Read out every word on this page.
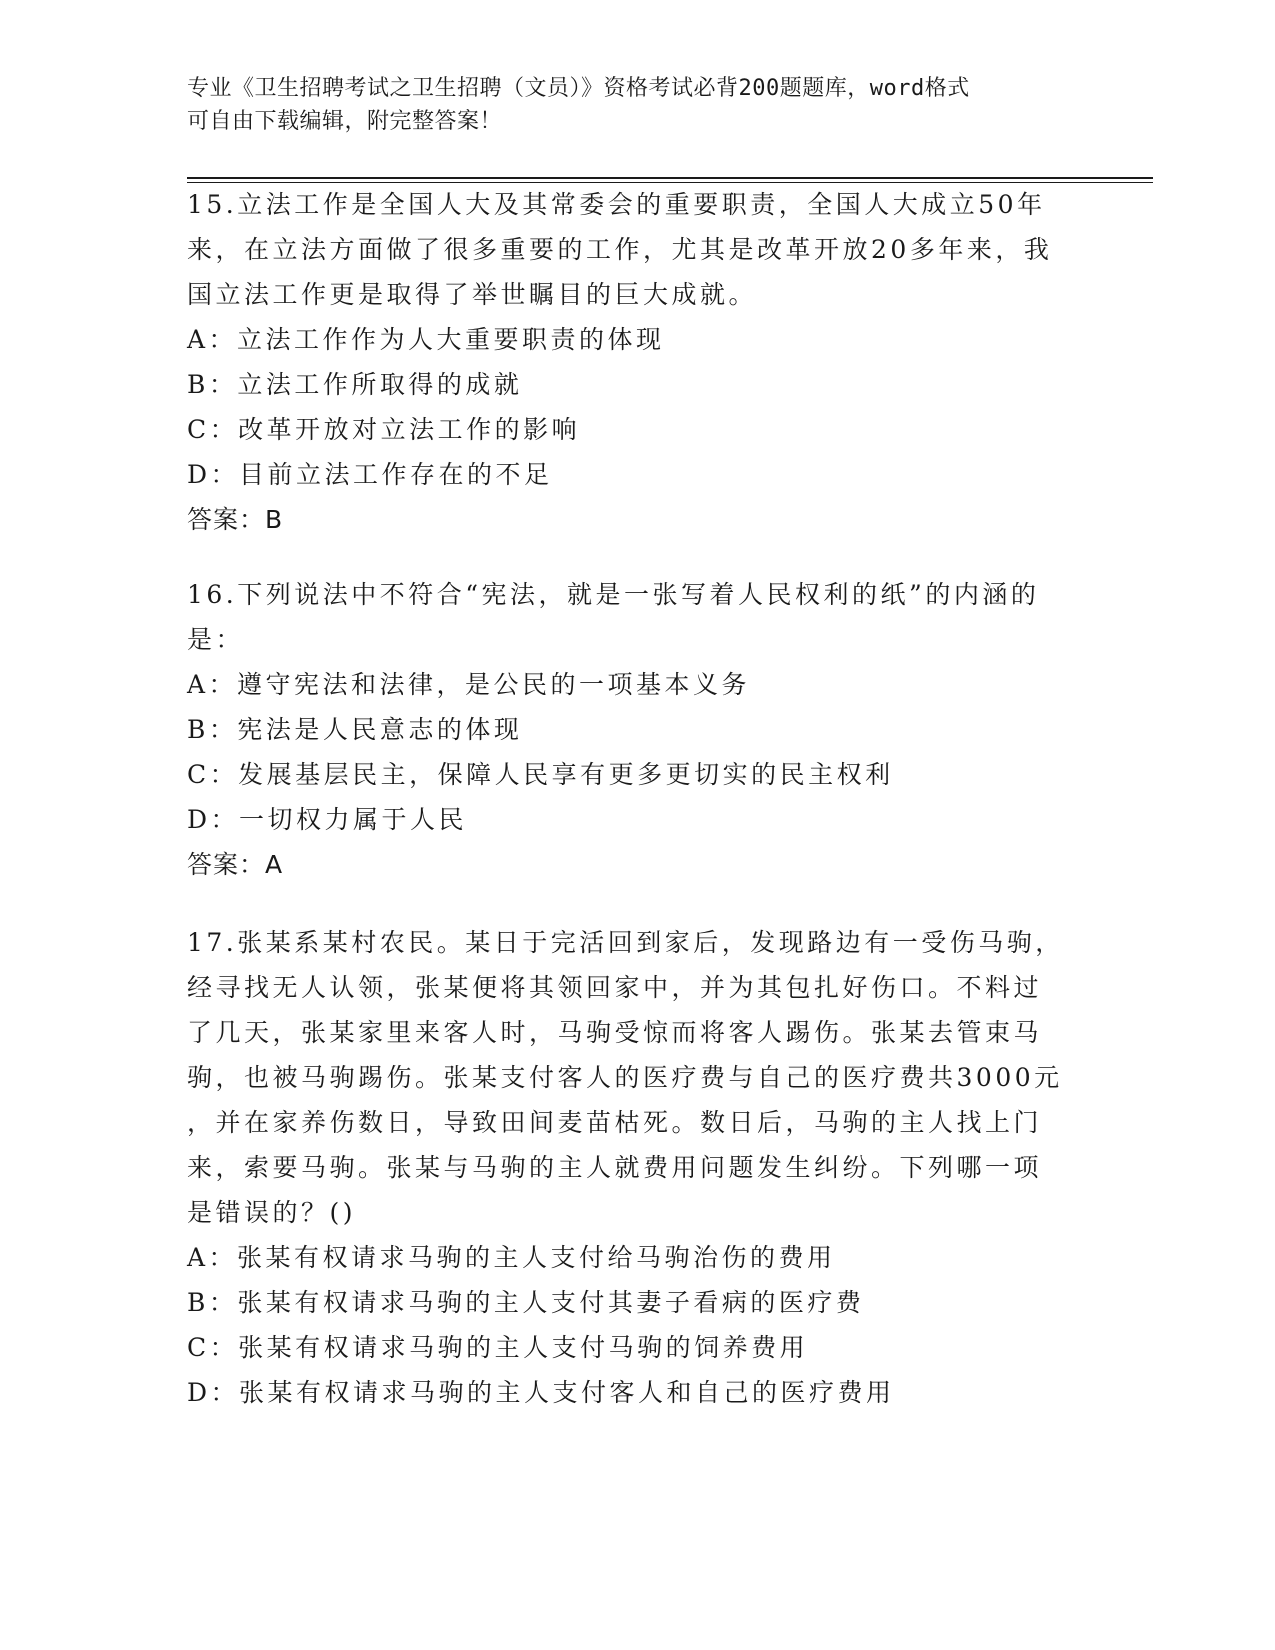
专业《卫生招聘考试之卫生招聘（文员）》资格考试必背200题题库，word格式
可自由下载编辑，附完整答案！
15.立法工作是全国人大及其常委会的重要职责，全国人大成立50年
来，在立法方面做了很多重要的工作，尤其是改革开放20多年来，我
国立法工作更是取得了举世瞩目的巨大成就。
A：立法工作作为人大重要职责的体现
B：立法工作所取得的成就
C：改革开放对立法工作的影响
D：目前立法工作存在的不足
答案：B
16.下列说法中不符合“宪法，就是一张写着人民权利的纸”的内涵的
是：
A：遵守宪法和法律，是公民的一项基本义务
B：宪法是人民意志的体现
C：发展基层民主，保障人民享有更多更切实的民主权利
D：一切权力属于人民
答案：A
17.张某系某村农民。某日于完活回到家后，发现路边有一受伤马驹，
经寻找无人认领，张某便将其领回家中，并为其包扎好伤口。不料过
了几天，张某家里来客人时，马驹受惊而将客人踢伤。张某去管束马
驹，也被马驹踢伤。张某支付客人的医疗费与自己的医疗费共3000元
，并在家养伤数日，导致田间麦苗枯死。数日后，马驹的主人找上门
来，索要马驹。张某与马驹的主人就费用问题发生纠纷。下列哪一项
是错误的？()
A：张某有权请求马驹的主人支付给马驹治伤的费用
B：张某有权请求马驹的主人支付其妻子看病的医疗费
C：张某有权请求马驹的主人支付马驹的饲养费用
D：张某有权请求马驹的主人支付客人和自己的医疗费用
